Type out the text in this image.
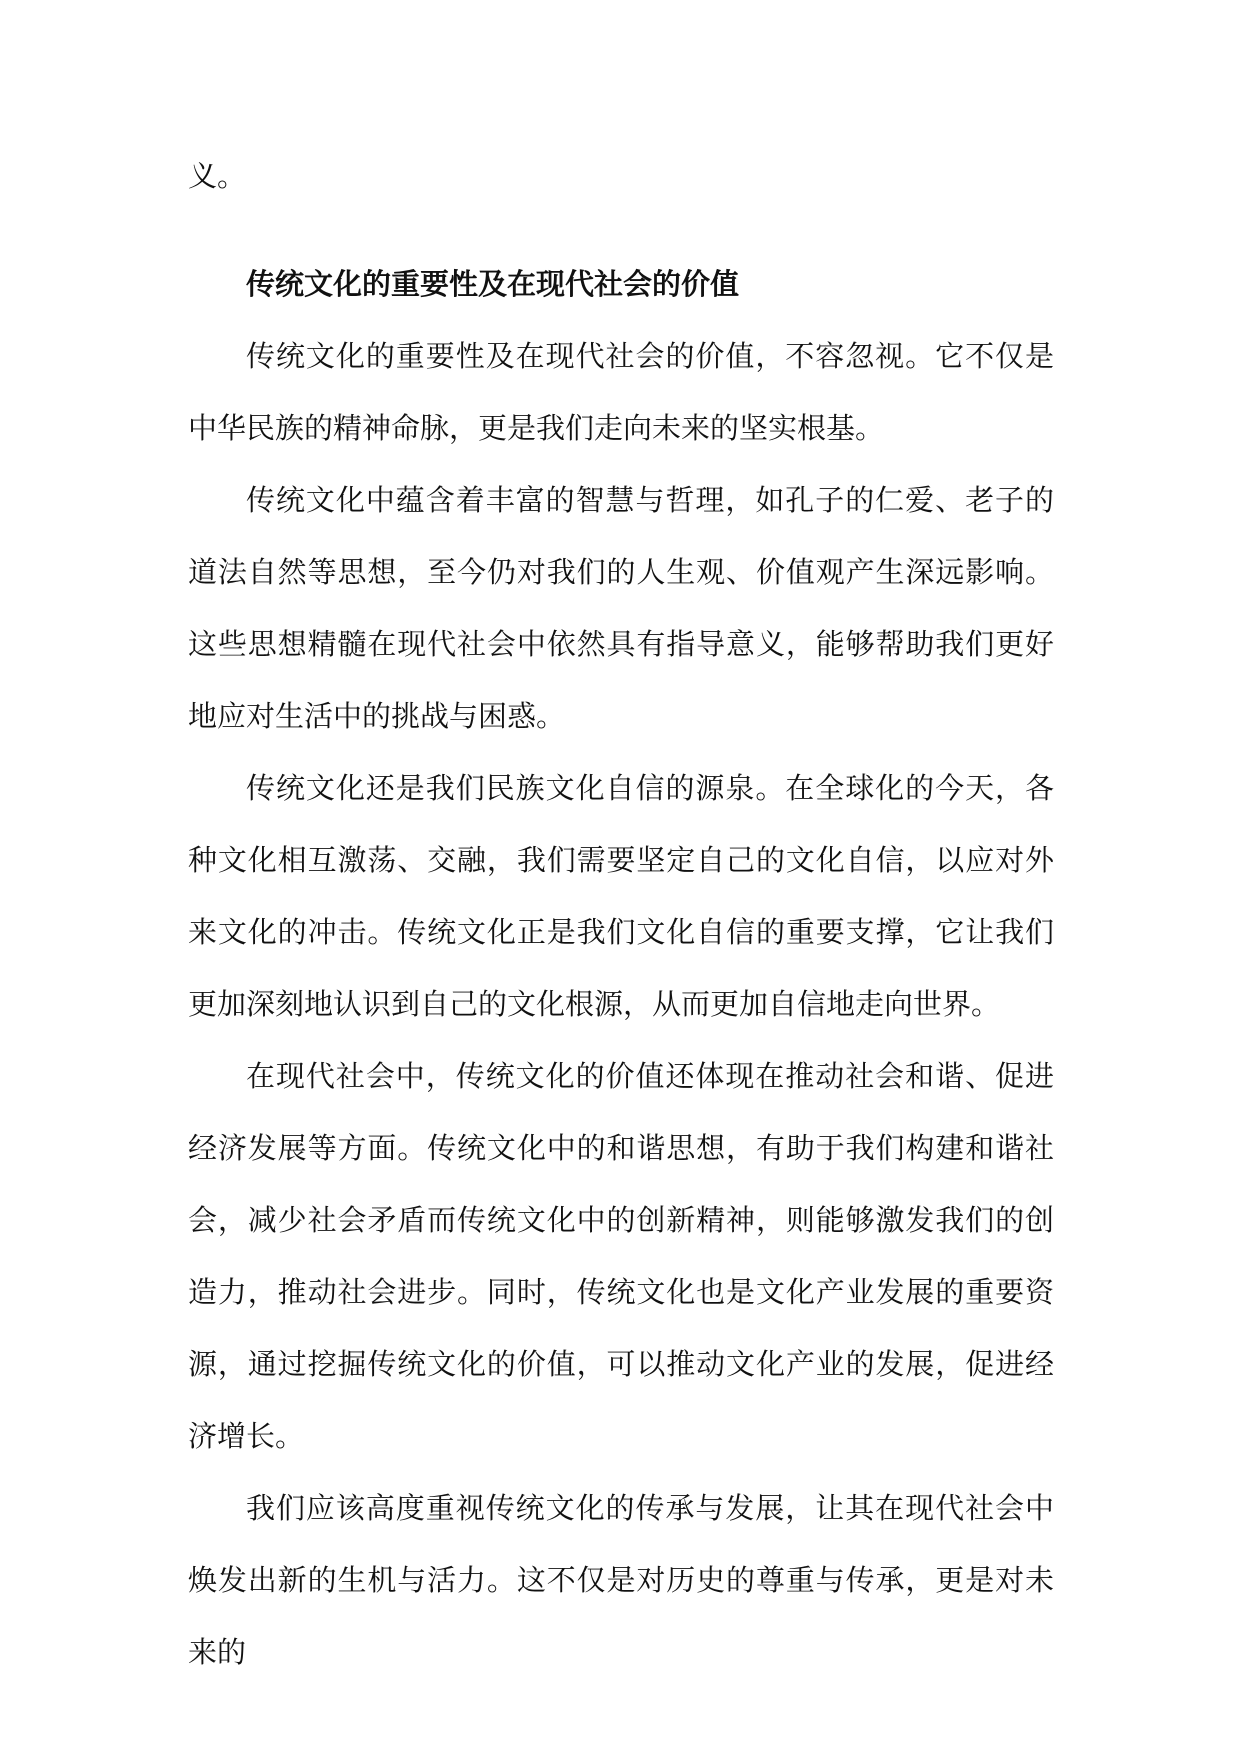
义。

传统文化的重要性及在现代社会的价值

传统文化的重要性及在现代社会的价值，不容忽视。它不仅是中华民族的精神命脉，更是我们走向未来的坚实根基。

传统文化中蕴含着丰富的智慧与哲理，如孔子的仁爱、老子的道法自然等思想，至今仍对我们的人生观、价值观产生深远影响。这些思想精髓在现代社会中依然具有指导意义，能够帮助我们更好地应对生活中的挑战与困惑。

传统文化还是我们民族文化自信的源泉。在全球化的今天，各种文化相互激荡、交融，我们需要坚定自己的文化自信，以应对外来文化的冲击。传统文化正是我们文化自信的重要支撑，它让我们更加深刻地认识到自己的文化根源，从而更加自信地走向世界。

在现代社会中，传统文化的价值还体现在推动社会和谐、促进经济发展等方面。传统文化中的和谐思想，有助于我们构建和谐社会，减少社会矛盾而传统文化中的创新精神，则能够激发我们的创造力，推动社会进步。同时，传统文化也是文化产业发展的重要资源，通过挖掘传统文化的价值，可以推动文化产业的发展，促进经济增长。

我们应该高度重视传统文化的传承与发展，让其在现代社会中焕发出新的生机与活力。这不仅是对历史的尊重与传承，更是对未来的
